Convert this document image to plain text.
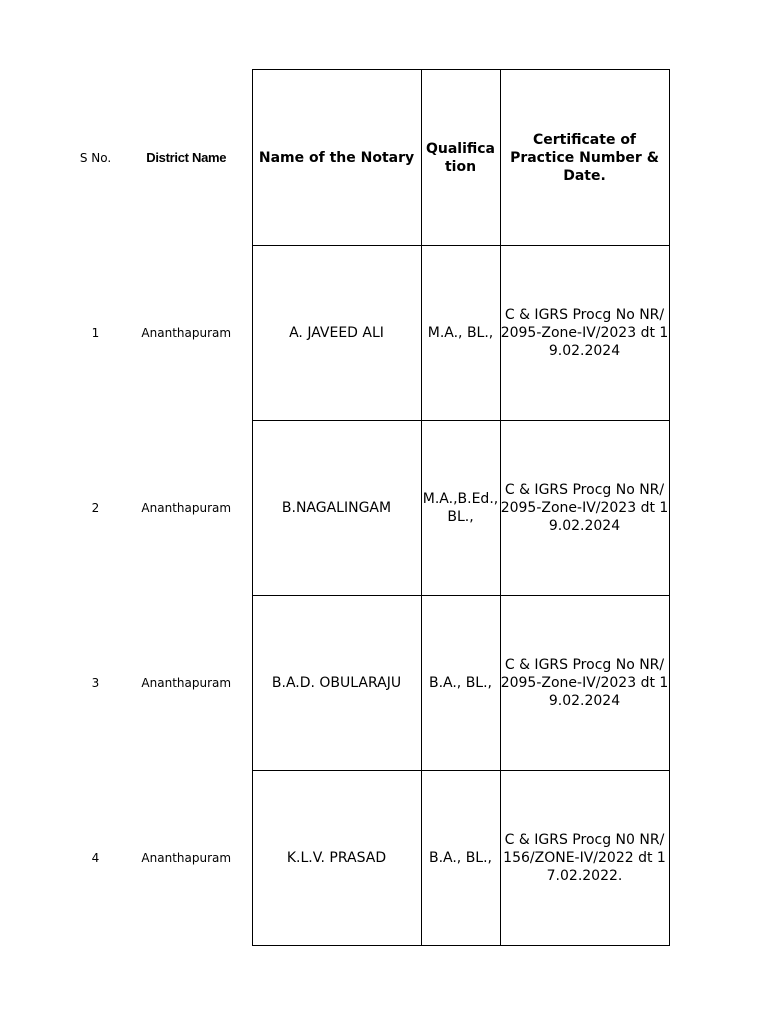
S No.	District Name	Name of the Notary	Qualifica tion	Certificate of Practice Number & Date.
1	Ananthapuram	A. JAVEED ALI	M.A., BL.,	C & IGRS Procg No NR/2095-Zone-IV/2023 dt 19.02.2024
2	Ananthapuram	B.NAGALINGAM	M.A.,B.Ed., BL.,	C & IGRS Procg No NR/2095-Zone-IV/2023 dt 19.02.2024
3	Ananthapuram	B.A.D. OBULARAJU	B.A., BL.,	C & IGRS Procg No NR/2095-Zone-IV/2023 dt 19.02.2024
4	Ananthapuram	K.L.V. PRASAD	B.A., BL.,	C & IGRS Procg N0 NR/156/ZONE-IV/2022 dt 17.02.2022.
